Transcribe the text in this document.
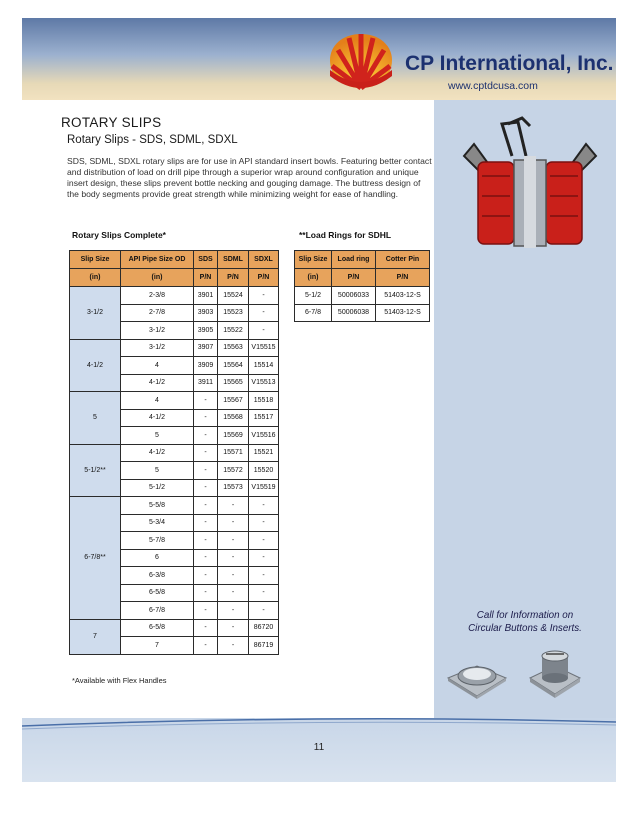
CP International, Inc.
www.cptdcusa.com
ROTARY SLIPS
Rotary Slips - SDS, SDML, SDXL
SDS, SDML, SDXL rotary slips are for use in API standard insert bowls. Featuring better contact and distribution of load on drill pipe through a superior wrap around configuration and unique insert design, these slips prevent bottle necking and gouging damage. The buttress design of the body segments provide great strength while minimizing weight for ease of handling.
Rotary Slips Complete*	**Load Rings for SDHL
Slip Size	API Pipe Size OD	SDS	SDML	SDXL
(in)	(in)	P/N	P/N	P/N
3-1/2	2-3/8	3901	15524	-
	2-7/8	3903	15523	-
	3-1/2	3905	15522	-
4-1/2	3-1/2	3907	15563	V15515
	4	3909	15564	15514
	4-1/2	3911	15565	V15513
5	4	-	15567	15518
	4-1/2	-	15568	15517
	5	-	15569	V15516
5-1/2**	4-1/2	-	15571	15521
	5	-	15572	15520
	5-1/2	-	15573	V15519
6-7/8**	5-5/8	-	-	-
	5-3/4	-	-	-
	5-7/8	-	-	-
	6	-	-	-
	6-3/8	-	-	-
	6-5/8	-	-	-
	6-7/8	-	-	-
7	6-5/8	-	-	86720
	7	-	-	86719
Slip Size	Load ring	Cotter Pin
(in)	P/N	P/N
5-1/2	50006033	51403-12-S
6-7/8	50006038	51403-12-S
*Available with Flex Handles
Call for Information on
Circular Buttons & Inserts.
11
